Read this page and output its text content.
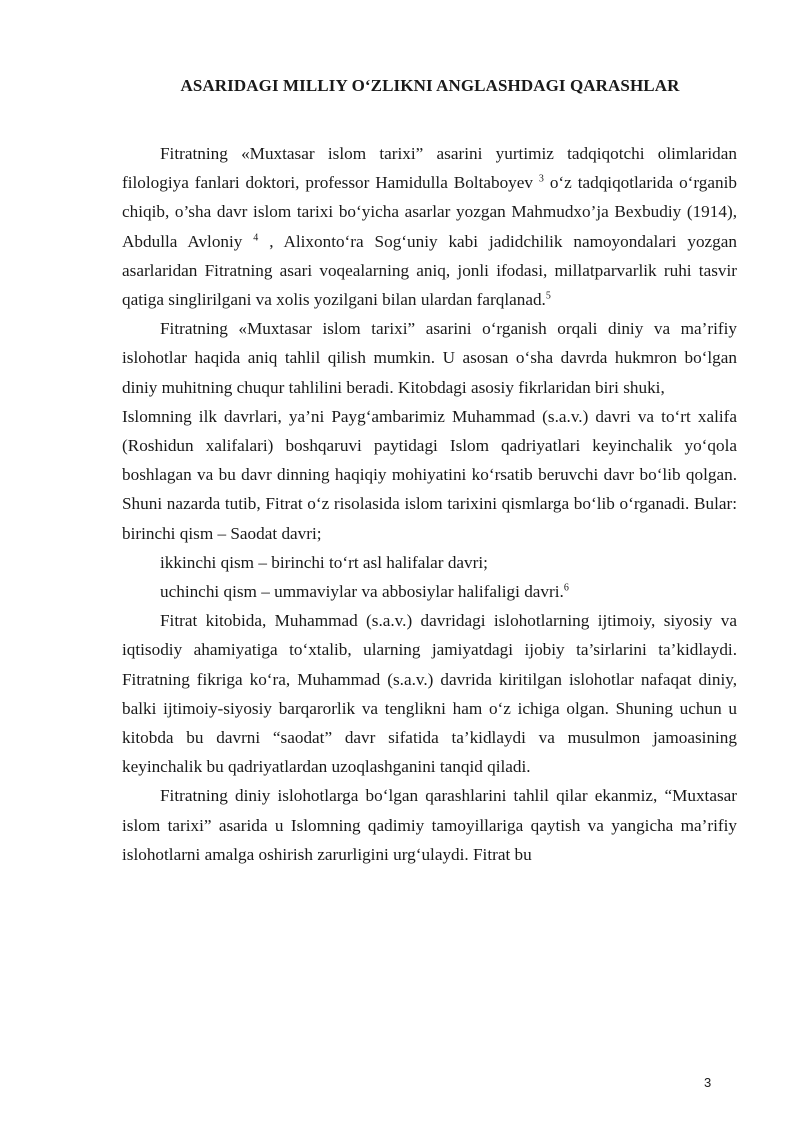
ASARIDAGI MILLIY O‘ZLIKNI ANGLASHDAGI QARASHLAR

Fitratning «Muxtasar islom tarixi” asarini yurtimiz tadqiqotchi olimlaridan filologiya fanlari doktori, professor Hamidulla Boltaboyev $^3$ o‘z tadqiqotlarida o‘rganib chiqib, o’sha davr islom tarixi bo‘yicha asarlar yozgan Mahmudxo’ja Bexbudiy (1914), Abdulla Avloniy $^4$ , Alixonto‘ra Sog‘uniy kabi jadidchilik namoyondalari yozgan asarlaridan Fitratning asari voqealarning aniq, jonli ifodasi, millatparvarlik ruhi tasvir qatiga singlirilgani va xolis yozilgani bilan ulardan farqlanad.$^5$

Fitratning «Muxtasar islom tarixi” asarini o‘rganish orqali diniy va ma’rifiy islohotlar haqida aniq tahlil qilish mumkin. U asosan o‘sha davrda hukmron bo‘lgan diniy muhitning chuqur tahlilini beradi. Kitobdagi asosiy fikrlaridan biri shuki,

Islomning ilk davrlari, ya’ni Payg‘ambarimiz Muhammad (s.a.v.) davri va to‘rt xalifa (Roshidun xalifalari) boshqaruvi paytidagi Islom qadriyatlari keyinchalik yo‘qola boshlagan va bu davr dinning haqiqiy mohiyatini ko‘rsatib beruvchi davr bo‘lib qolgan. Shuni nazarda tutib, Fitrat o‘z risolasida islom tarixini qismlarga bo‘lib o‘rganadi. Bular: birinchi qism – Saodat davri;

ikkinchi qism – birinchi to‘rt asl halifalar davri;

uchinchi qism – ummaviylar va abbosiylar halifaligi davri.$^6$

Fitrat kitobida, Muhammad (s.a.v.) davridagi islohotlarning ijtimoiy, siyosiy va iqtisodiy ahamiyatiga to‘xtalib, ularning jamiyatdagi ijobiy ta’sirlarini ta’kidlaydi. Fitratning fikriga ko‘ra, Muhammad (s.a.v.) davrida kiritilgan islohotlar nafaqat diniy, balki ijtimoiy-siyosiy barqarorlik va tenglikni ham o‘z ichiga olgan. Shuning uchun u kitobda bu davrni “saodat” davr sifatida ta’kidlaydi va musulmon jamoasining keyinchalik bu qadriyatlardan uzoqlashganini tanqid qiladi.

Fitratning diniy islohotlarga bo‘lgan qarashlarini tahlil qilar ekanmiz, “Muxtasar islom tarixi” asarida u Islomning qadimiy tamoyillariga qaytish va yangicha ma’rifiy islohotlarni amalga oshirish zarurligini urg‘ulaydi. Fitrat bu

3
